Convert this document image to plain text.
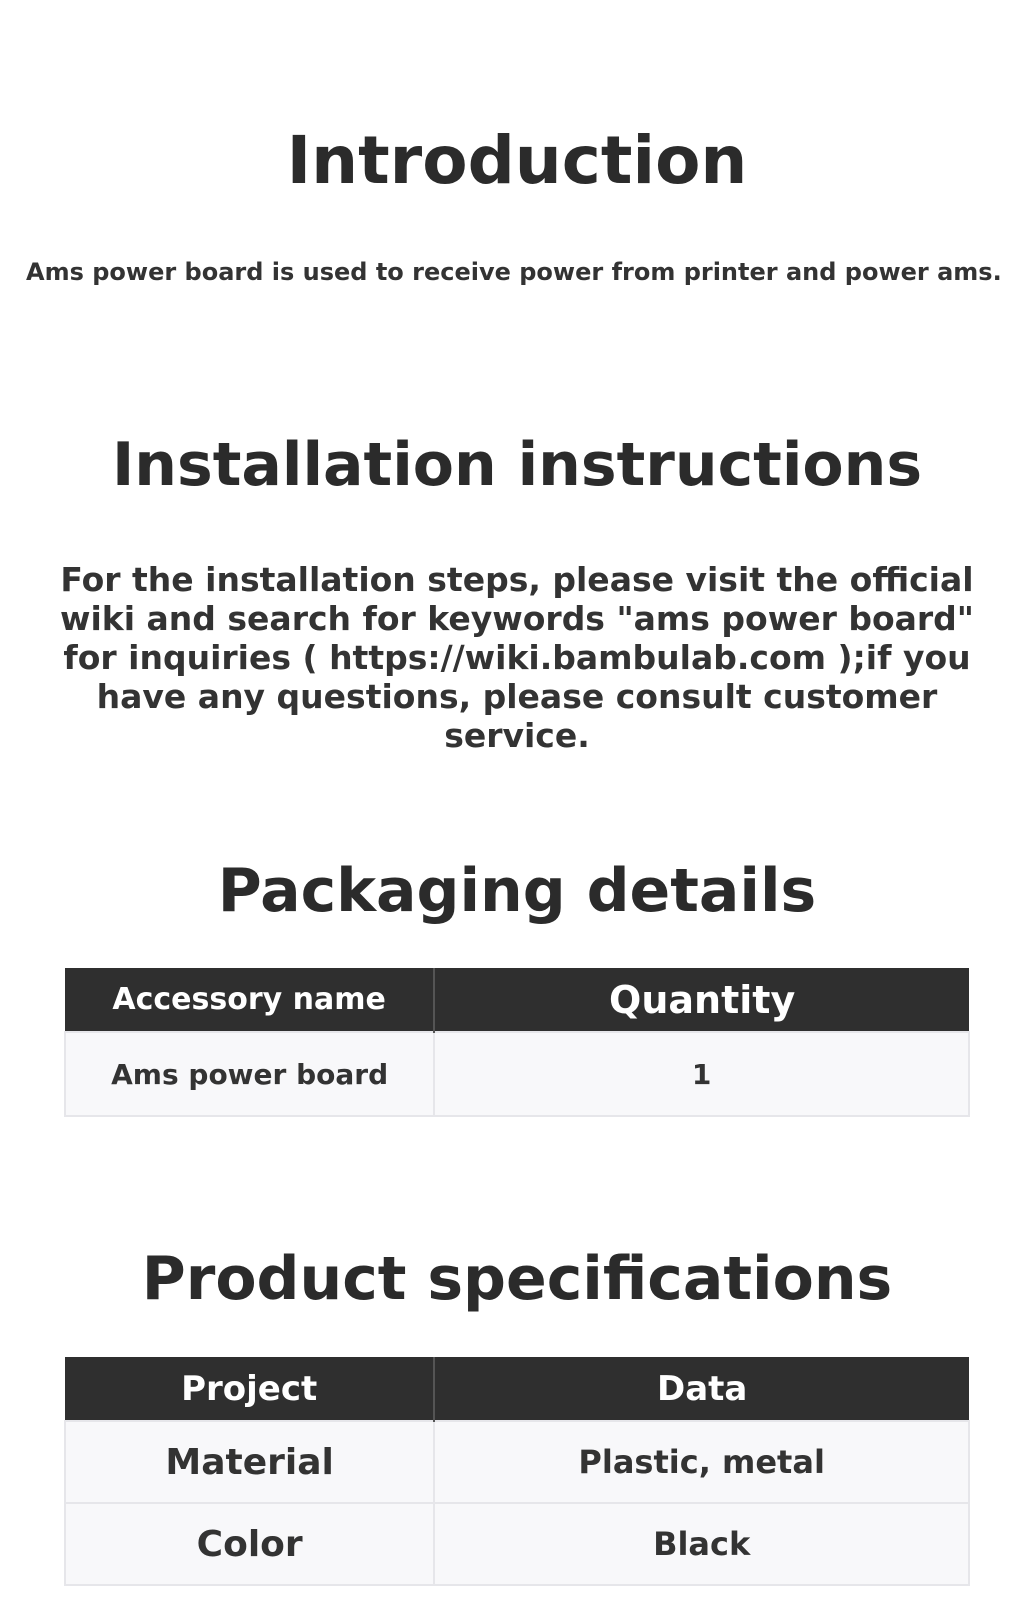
Introduction

Ams power board is used to receive power from printer and power ams.

Installation instructions

For the installation steps, please visit the official wiki and search for keywords "ams power board" for inquiries ( https://wiki.bambulab.com );if you have any questions, please consult customer service.

Packaging details
Accessory name	Quantity
Ams power board	1
Product specifications
Project	Data
Material	Plastic, metal
Color	Black
